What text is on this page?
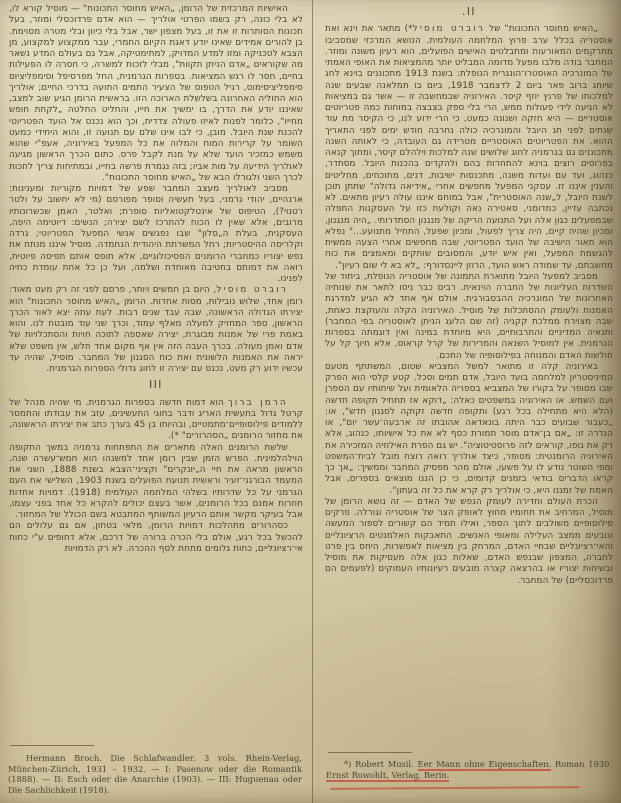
האישיות המרכזית של הרומן, „האיש מחוסר התכונות" — מוסיל קורא לו, לא בלי כונה, רק בשמו הפרטי אולריך — הוא אדם פרדוכסלי ומוזר, בעל תכונות הסותרות זו את זו, בעל מצפון ישר, אבל בלי כיוון ובלי מטרה מסוימת. בן להורים אמידים שאינו יודע דאגת הקיום החמרי, עבר ממקצוע למקצוע, מן הצבא לטכניקה ומזו למדע המדויק, למתימטיקה, אבל גם בעולם המדע נשאר מה שקוראים „אדם הניתן תקוות", מבלי לזכות למשרה, כי חסרה לו הפעילות בחיים, חסר לו רגש המציאות. בספרות הגרמנית, החל מפרסיפל וסימפליציוס סימפליציסימוס, רגיל הטפוס של הצעיר התמים התועה בדרכי החיים; אולריך הוא החוליה האחרונה בשלשלת הארוכה הזו. בראשית הרומן הגיע שוב למצב, שאיננו יודע את הדרך, בו ימשיך את חייו, והחליט החלטה „לקחת חופש מחייו", כלומר לפנות לאיזו פעולה צדדית, וכך הוא נכנס אל הועד הפטריוטי להכנת שנת היובל. מובן, כי לבו אינו שלם עם תנועה זו, והוא היחידי כמעט השומר על קרירות המוח והמלוה את כל המפעל באירוניה, אעפ"י שהוא משמש כמזכיר הועד שלא על מנת לקבל פרס. כתום הכרך הראשון מגיעה לאולריך הידיעה על מות אביו; בזה נגמרת פרשה בחייו, ובמתיחות צריך לחכות לכרך השני ולגורלו הבא של „האיש מחוסר התכונות".

מסביב לאולריך מעצב המחבר שפע של דמויות מקוריות ומענינות: ארנהיים, יהודי גרמני, בעל תעשיה וסופר מפורסם (מי לא יחשוב על ולטר רטנוי?), הטיפוס של אינטלקטואליות סופרת; ואלטר, האמן שכשרונותיו מרובים, אלא שאין לו הכוח להתרכז לשם יצירה; הנשים: דיוטימה היפה, העסקנית, בעלת ה„סלון" שבו נפגשים אנשי המפעל הפטריוטי; גרדה וקלריסה ההיסטריות; רחל המשרתת היהודית הנחמדה. מוסיל איננו מנתח את נפש יצוריו כמחברי הרומנים הפסיכולוגיים, אלא תופס אותם תפיסה פיוטית, רואה את דמותם בחטיבה מאוחדת ושלמה, ועל כן כל אחת עומדת כחיה לפנינו.

רוברט מוסיל, היום בן חמשים ויותר, פרסם לפני זה רק מעט מאוד: רומן אחד, שלוש נובילות, מסות אחדות. הרומן „האיש מחוסר התכונות" הוא יצירתו הגדולה הראשונה, שבה עבד שנים רבות. לעת עתה יצא לאור הכרך הראשון, ספר המחזיק למעלה מאלף עמוד, וכרך שני עוד מובטח לנו. והוא באמת פרי של אמנות מבוגרת, יצירה שאספה לתוכה חויות והסתכלויות של אדם ואמן מעולה. בכרך העבה הזה אין אף מקום אחד חלש, אין משפט שלא יראה את האמנות הלשונית ואת כוח הסגנון של המחבר. מוסיל, שהיה עד עכשיו ידוע רק מעט, נכנס עם יצירה זו לחוג גדולי הספרות הגרמנית.

III

הרמן ברוך הוא דמות חדשה בספרות הגרמנית. מי שהיה מנהל של קרטל גדול בתעשית האריג ודבר בחוגי התעשינים, עזב את עבודתו והתמסר ללמודים פילוסופיים־מתמטיים, ובהיותו בן 45 בערך כתב את יצירתו הראשונה, את מחזור הרומנים „הסהרורים" *).

שלשת הרומנים האלה מתארים את התפתחות גרמניה במשך התקופה הוילהלמינית. הפרש הזמן שבין רומן אחד למשנהו הוא חמש־עשרה שנה. הראשון מראה את חיי ה„יונקרים" וקציני־הצבא בשנת 1888, השני את המעמד הבורגני־זעיר וראשית תנועת הפועלים בשנת 1903, השלישי את העם הגרמני על כל שדרותיו בשלהי המלחמה העולמית (1918). דמויות אחדות חוזרות אמנם בכל הרומנים, אשר בעצם יכולים להקרא כל אחד בפני עצמו, אבל בעיקר מקשר אותם הרעיון המשותף המתבטא בשם הכולל של המחזור.

כסהרורים מתהלכות דמויות הרומן, מלאי בטחון, אם גם עלולים הם להכשל בכל רגע, אולם בלי הכרה ברורה של דרכם, אלא דחופים ע"י כחות אי־רציונליים, כחות גלומים מתחת לסף ההכרה. לא רק הדמויות

II.

„האיש מחוסר התכונות" של רוברט מוסיל*) מתאר את וינא ואת אוסטריה בכלל ערב פרוץ המלחמה העולמית. הנושא המרכזי שמסביבו מתרקמים המאורעות ומתבלטים האישים הפועלים, הוא רעיון משונה ומוזר. המחבר בודה מלבו מפעל מדומה המבליט יותר מהמציאות את האופי האמתי של המונרכיה האוסטרו־הונגרית הנופלת: בשנת 1913 מתכוננים בוינא לחג שיוחג ברוב פאר ביום 2 לדצמבר 1918, ביום בו תמלאנה שבעים שנה למלכותו של פרנץ יוזף קיסר. האירוניה שבמחשבה זו — אשר גם במציאות לא הגיעה לידי פעולות ממש, הרי בלי ספק בצבצה במוחות כמה פטריוטים אוסטריים — היא חזקה ושנונה כמעט, כי הרי ידוע לנו, כי הקיסר מת עוד שנתים לפני חג היובל והמונרכיה כולה נחרבה חודש ימים לפני התאריך ההוא. את הפטריוטים האוסטריים מטרידה גם העובדה, כי לאותה השנה מתכוננים גם בגרמניה לחוג שלושים שנה למלכות וילהלם קיסר, ומתוך קנאה בפרוסים רוצים בוינא להתחרות בהם ולהקדים בהכנות היובל. מסתדר, כנהוג, ועד עם ועדות משנה, מתכנסות ישיבות, דנים, מתוכחים, מחליטים והענין איננו זז. עסקני המפעל מחפשים אחרי „אידיאה גדולה" שתתן תוכן לשנת היובל, ל„שנה האוסטרית", אבל במוחם איננו עולה רעיון מתאים. לא נכתבה עדיין, כמדומני, סאטירה נאה וקולעת כזו על העסקנות התפלה שבמפעלים כגון אלה ועל התנועה הריקה של מנגנון הסתדרותי. „היה מנגנון, ומכיון שהיה קיים, היה צריך לפעול, ומכיון שפעל, התחיל מתנועע..." נפלא הוא תאור הישיבה של הועד הפטריוטי, שבה מחפשים אחרי הצעה ממשית להגשמת המפעל, ואין איש יודע, והמסובים שותקים ומאמצים את כוח מחשבתם, עד שמודה ראש הועד, הרוזן ליינסדורף: „לא בא לי שום רעיון".

מסביב למפעל היובל מתוארת התמונה של אוסטריה הנופלת, ביחוד של השדרות העליונות של החברה הוינאית. רבים כבר ניסו לתאר את שנותיה האחרונות של המונרכיה ההבסבורגית. אולם אף אחד לא הגיע למדרגת האמנות ולעומק ההסתכלות של מוסיל. האירוניה הקלה והעוקצת כאחת, שבה מצוירת ממלכת קקניה (זה שם הלעג הניתן לאוסטריה בפי המחבר) ותנאיה המדיניים והתרבותיים, היא מיוחדת במינה ואין דוגמתה בספרות הגרמנית. אין למוסיל השנאה והמרירות של קרל קראוס, אלא חיוך קל על חולשות האדם והמנוחה בפילוסופיה של החכם.

באירוניה קלה זו מתואר למשל המצביא שטום, המשתתף מטעם המיניסטריון למלחמה בועד היובל, אדם תמים וסכל. קטע קלסי הוא הפרק שבו מסופר על בקורו של המצביא בספריה הלאומית ועל שיחותיו עם הספרן ועם השמש. או האירוניה במשפטים כאלה: „דוקא אז תתחיל תקופה חדשה (הלא היא מתחילה בכל רגע) ותקופה חדשה זקוקה לסגנון חדש", או: „כעבור שבועים כבר היתה בונאדאה אהובתו זה ארבעה־עשר יום", או הגדרה זו: „אם בן־אדם מוסר תמורת כסף לא את כל אישיותו, כנהוג, אלא רק את גופו, קוראים לזה פרוסטיטוציה". יש גם הפרת האילוזיה המזכירה את האירוניה הרומנטית: מסופר, כיצד אולריך רואה רוצח מובל לבית־המשפט ומפי השוטר נודע לו על פשעו, אולם מהר מפסיק המחבר וממשיך: „אך כך קראו הדברים בודאי בזמנים קדומים, כי כן הננו מוצאים בספרים, אבל האמת של זמננו היא, כי אולריך רק קרא את כל זה בעתון".

הכרת העולם וחדירה לעומק הנפש של האדם — זה נושא הרומן של מוסיל, המרחיב את תחומיו מחוץ לאופק הצר של אוסטריה וגורלה. פרקים פילוסופיים משולבים לתוך הספר, ואילו תמיד הם קשורים לספור המעשה ונובעים ממצב העלילה ומאופי האנשים. התאבקות האלמנטים הרציונליים והאי־רציונליים שבחיי האדם, המרחק בין מציאות לאפשרות, היחס בין פרט לחברה, המצפון שבנפש האדם, שאלות כגון אלה מעסיקות את מוסיל ובשיחות יצוריו או בהרצאה קצרה מובעים רעיונותיו העמוקים (לפעמים הם פרדוכסליים) של המחבר.

Hermann Broch. Die Schlafwandler. 3 vols. Rhein-Verlag, München-Zürich, 1931 – 1932. — I: Pasenow oder die Romantik (1888). — II: Esch oder die Anarchie (1903). — III: Huguenau oder Die Sachlichkeit (1918).
*) Robert Musil. Eer Mann ohne Eigenschaften. Roman 1930. Ernst Rowohlt, Verlag, Berin.
